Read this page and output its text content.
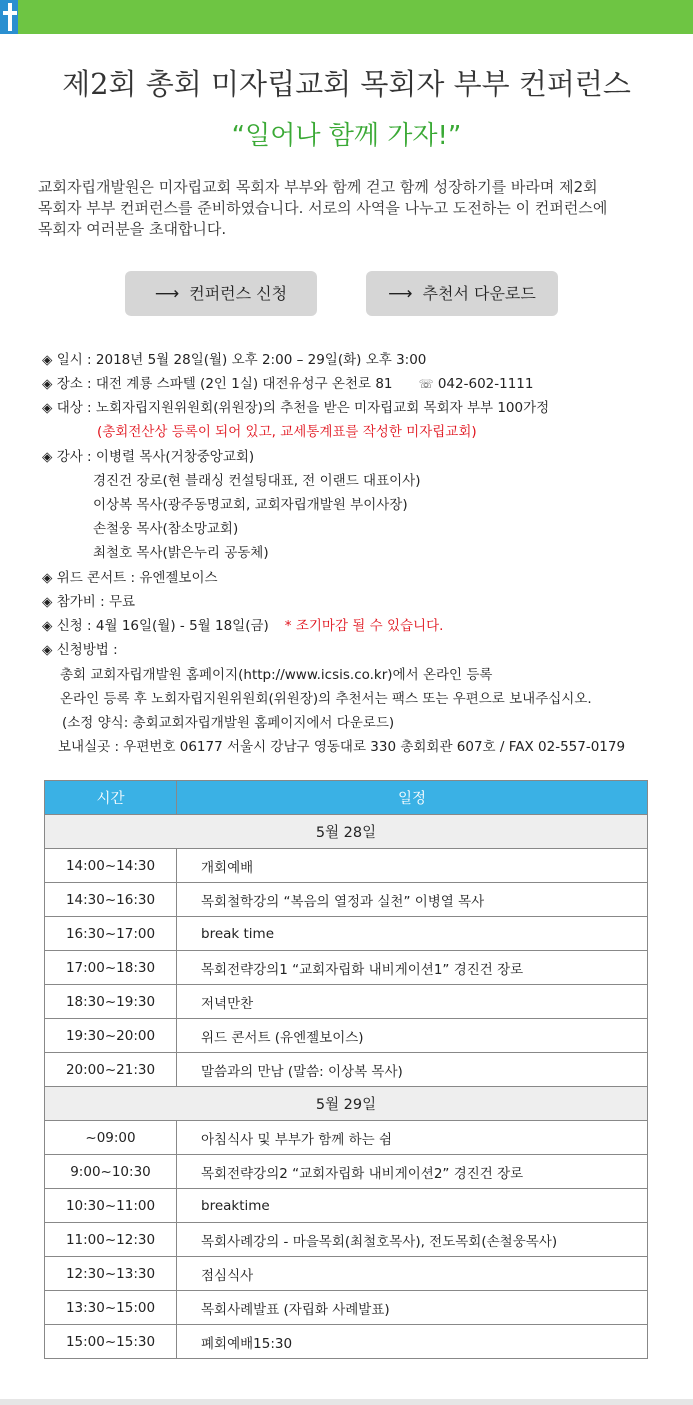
제2회 총회 미자립교회 목회자 부부 컨퍼런스
“일어나 함께 가자!”
교회자립개발원은 미자립교회 목회자 부부와 함께 걷고 함께 성장하기를 바라며 제2회
목회자 부부 컨퍼런스를 준비하였습니다. 서로의 사역을 나누고 도전하는 이 컨퍼런스에
목회자 여러분을 초대합니다.
⟶ 컨퍼런스 신청	⟶ 추천서 다운로드
◈ 일시 : 2018년 5월 28일(월) 오후 2:00 – 29일(화) 오후 3:00
◈ 장소 : 대전 계룡 스파텔 (2인 1실) 대전유성구 온천로 81 ☏ 042-602-1111
◈ 대상 : 노회자립지원위원회(위원장)의 추천을 받은 미자립교회 목회자 부부 100가정
(총회전산상 등록이 되어 있고, 교세통계표를 작성한 미자립교회)
◈ 강사 : 이병렬 목사(거창중앙교회)
경진건 장로(현 블래싱 컨설팅대표, 전 이랜드 대표이사)
이상복 목사(광주동명교회, 교회자립개발원 부이사장)
손철웅 목사(참소망교회)
최철호 목사(밝은누리 공동체)
◈ 위드 콘서트 : 유엔젤보이스
◈ 참가비 : 무료
◈ 신청 : 4월 16일(월) - 5월 18일(금) * 조기마감 될 수 있습니다.
◈ 신청방법 :
총회 교회자립개발원 홈페이지(http://www.icsis.co.kr)에서 온라인 등록
온라인 등록 후 노회자립지원위원회(위원장)의 추천서는 팩스 또는 우편으로 보내주십시오.
(소정 양식: 총회교회자립개발원 홈페이지에서 다운로드)
보내실곳 : 우편번호 06177 서울시 강남구 영동대로 330 총회회관 607호 / FAX 02-557-0179
시간	일정
5월 28일	
14:00~14:30	개회예배
14:30~16:30	목회철학강의 “복음의 열정과 실천” 이병열 목사
16:30~17:00	break time
17:00~18:30	목회전략강의1 “교회자립화 내비게이션1” 경진건 장로
18:30~19:30	저녁만찬
19:30~20:00	위드 콘서트 (유엔젤보이스)
20:00~21:30	말씀과의 만남 (말씀: 이상복 목사)
5월 29일	
~09:00	아침식사 및 부부가 함께 하는 쉼
9:00~10:30	목회전략강의2 “교회자립화 내비게이션2” 경진건 장로
10:30~11:00	breaktime
11:00~12:30	목회사례강의 - 마을목회(최철호목사), 전도목회(손철웅목사)
12:30~13:30	점심식사
13:30~15:00	목회사례발표 (자립화 사례발표)
15:00~15:30	폐회예배15:30
